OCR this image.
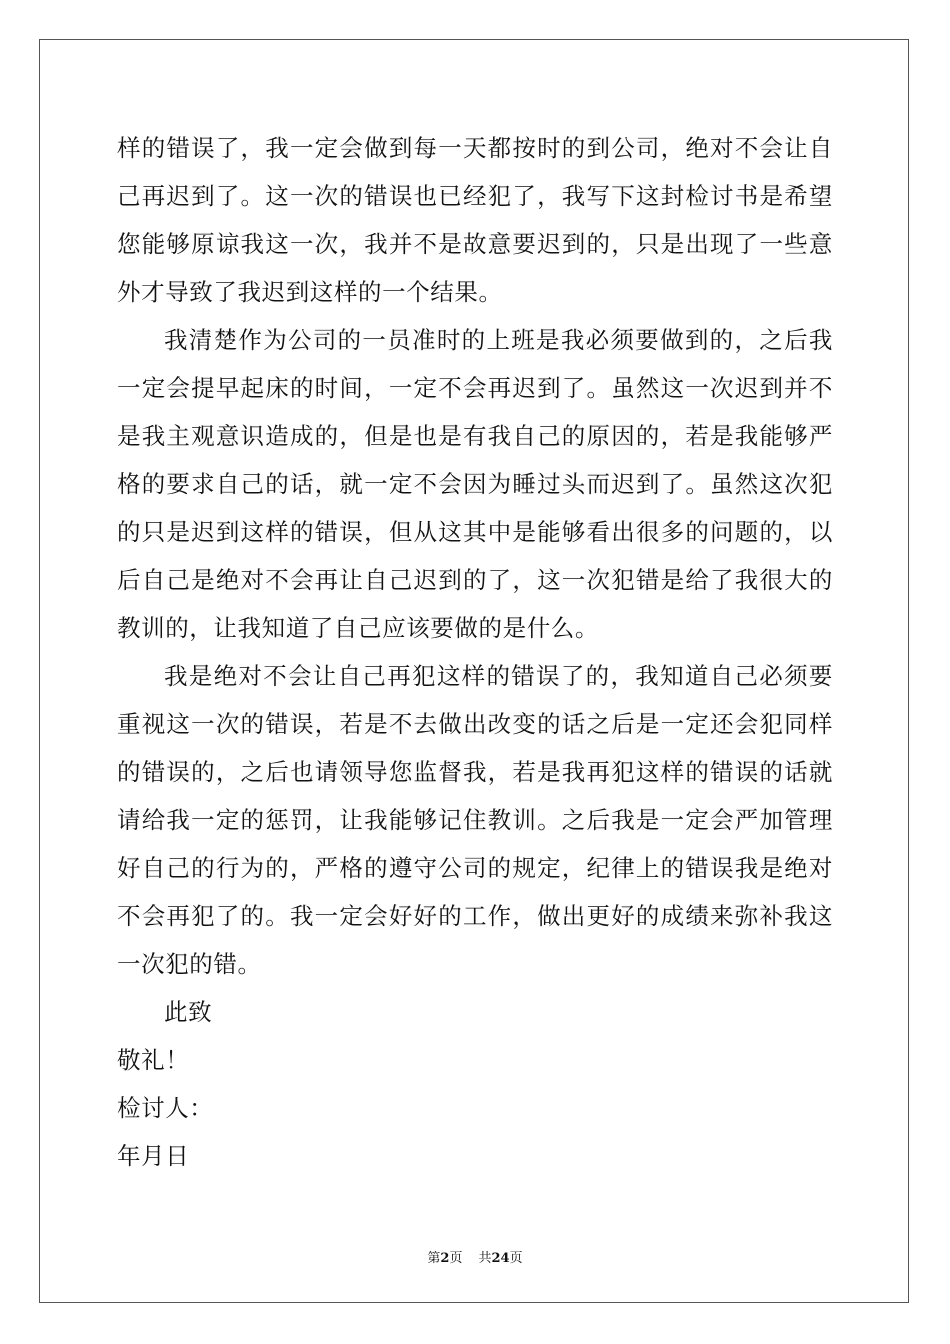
样的错误了，我一定会做到每一天都按时的到公司，绝对不会让自己再迟到了。这一次的错误也已经犯了，我写下这封检讨书是希望您能够原谅我这一次，我并不是故意要迟到的，只是出现了一些意外才导致了我迟到这样的一个结果。

我清楚作为公司的一员准时的上班是我必须要做到的，之后我一定会提早起床的时间，一定不会再迟到了。虽然这一次迟到并不是我主观意识造成的，但是也是有我自己的原因的，若是我能够严格的要求自己的话，就一定不会因为睡过头而迟到了。虽然这次犯的只是迟到这样的错误，但从这其中是能够看出很多的问题的，以后自己是绝对不会再让自己迟到的了，这一次犯错是给了我很大的教训的，让我知道了自己应该要做的是什么。

我是绝对不会让自己再犯这样的错误了的，我知道自己必须要重视这一次的错误，若是不去做出改变的话之后是一定还会犯同样的错误的，之后也请领导您监督我，若是我再犯这样的错误的话就请给我一定的惩罚，让我能够记住教训。之后我是一定会严加管理好自己的行为的，严格的遵守公司的规定，纪律上的错误我是绝对不会再犯了的。我一定会好好的工作，做出更好的成绩来弥补我这一次犯的错。

此致

敬礼！

检讨人：

年月日

第2页 共24页
